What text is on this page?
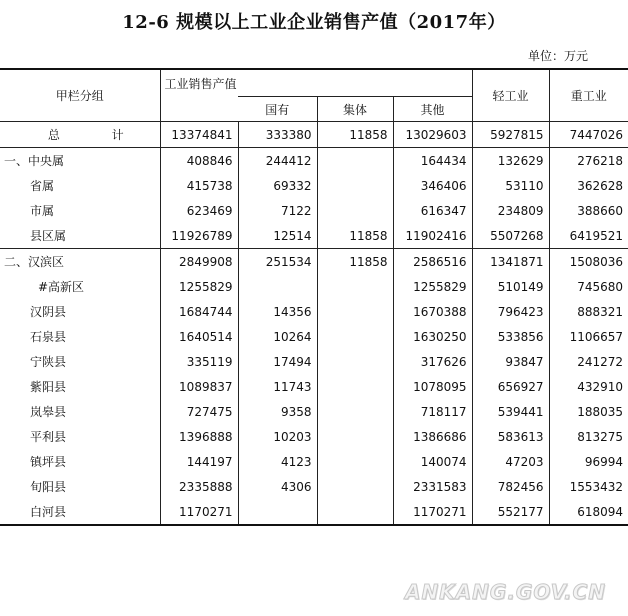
12-6 规模以上工业企业销售产值（2017年）
单位：万元
甲栏分组	工业销售产值				轻工业	重工业
		国有	集体	其他		
总 计	13374841	333380	11858	13029603	5927815	7447026
一、中央属	408846	244412		164434	132629	276218
省属	415738	69332		346406	53110	362628
市属	623469	7122		616347	234809	388660
县区属	11926789	12514	11858	11902416	5507268	6419521
二、汉滨区	2849908	251534	11858	2586516	1341871	1508036
#高新区	1255829			1255829	510149	745680
汉阴县	1684744	14356		1670388	796423	888321
石泉县	1640514	10264		1630250	533856	1106657
宁陕县	335119	17494		317626	93847	241272
紫阳县	1089837	11743		1078095	656927	432910
岚皋县	727475	9358		718117	539441	188035
平利县	1396888	10203		1386686	583613	813275
镇坪县	144197	4123		140074	47203	96994
旬阳县	2335888	4306		2331583	782456	1553432
白河县	1170271			1170271	552177	618094
ANKANG.GOV.CN
